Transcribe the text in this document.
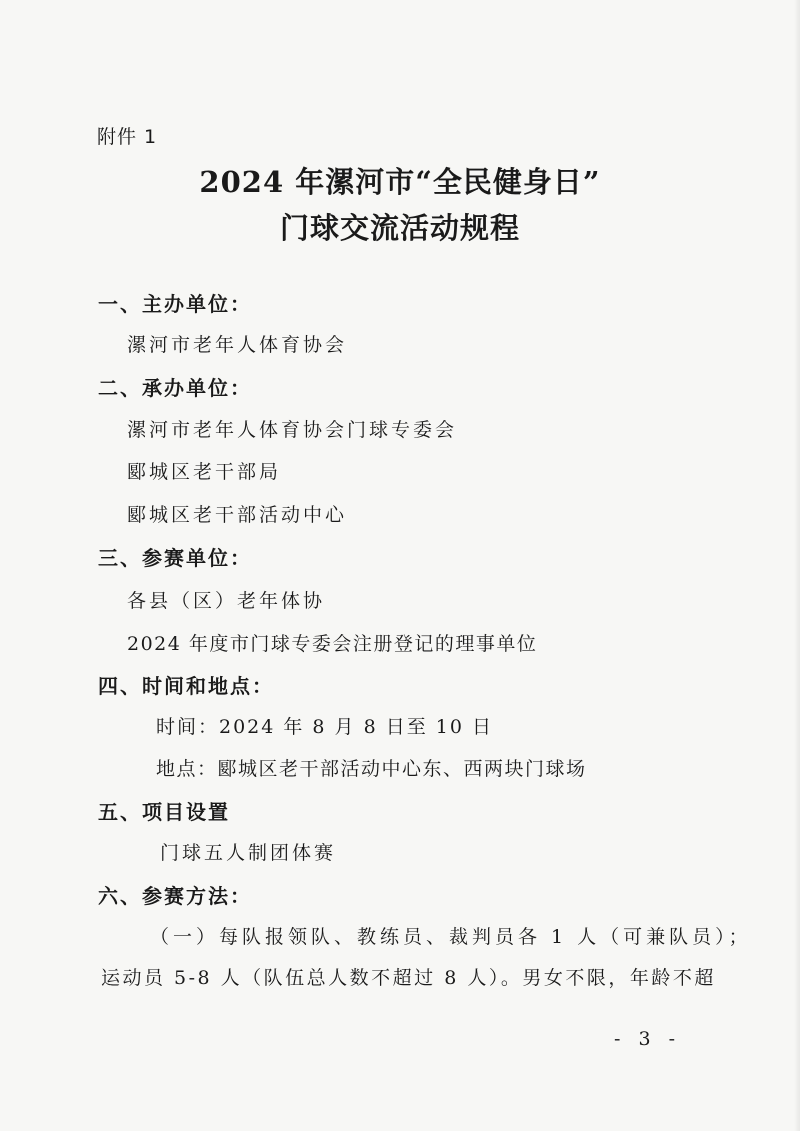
附件 1
2024 年漯河市“全民健身日”
门球交流活动规程
一、主办单位：
漯河市老年人体育协会
二、承办单位：
漯河市老年人体育协会门球专委会
郾城区老干部局
郾城区老干部活动中心
三、参赛单位：
各县（区）老年体协
2024 年度市门球专委会注册登记的理事单位
四、时间和地点：
时间：2024 年 8 月 8 日至 10 日
地点：郾城区老干部活动中心东、西两块门球场
五、项目设置
门球五人制团体赛
六、参赛方法：
（一）每队报领队、教练员、裁判员各 1 人（可兼队员）；
运动员 5-8 人（队伍总人数不超过 8 人）。男女不限，年龄不超
- 3 -
